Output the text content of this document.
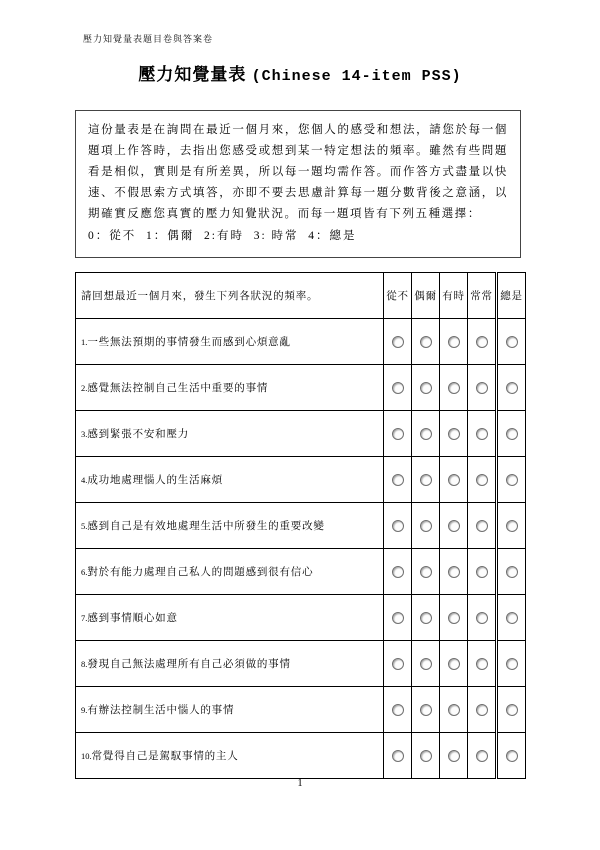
壓力知覺量表題目卷與答案卷
壓力知覺量表 (Chinese 14-item PSS)
這份量表是在詢問在最近一個月來，您個人的感受和想法，請您於每一個題項上作答時，去指出您感受或想到某一特定想法的頻率。雖然有些問題看是相似，實則是有所差異，所以每一題均需作答。而作答方式盡量以快速、不假思索方式填答，亦即不要去思慮計算每一題分數背後之意涵，以期確實反應您真實的壓力知覺狀況。而每一題項皆有下列五種選擇：
0：從不  1：偶爾  2:有時  3: 時常  4：總是
請回想最近一個月來，發生下列各狀況的頻率。	從不	偶爾	有時	常常	總是
1.一些無法預期的事情發生而感到心煩意亂					
2.感覺無法控制自己生活中重要的事情					
3.感到緊張不安和壓力					
4.成功地處理惱人的生活麻煩					
5.感到自己是有效地處理生活中所發生的重要改變					
6.對於有能力處理自己私人的問題感到很有信心					
7.感到事情順心如意					
8.發現自己無法處理所有自己必須做的事情					
9.有辦法控制生活中惱人的事情					
10.常覺得自己是駕馭事情的主人					
1
